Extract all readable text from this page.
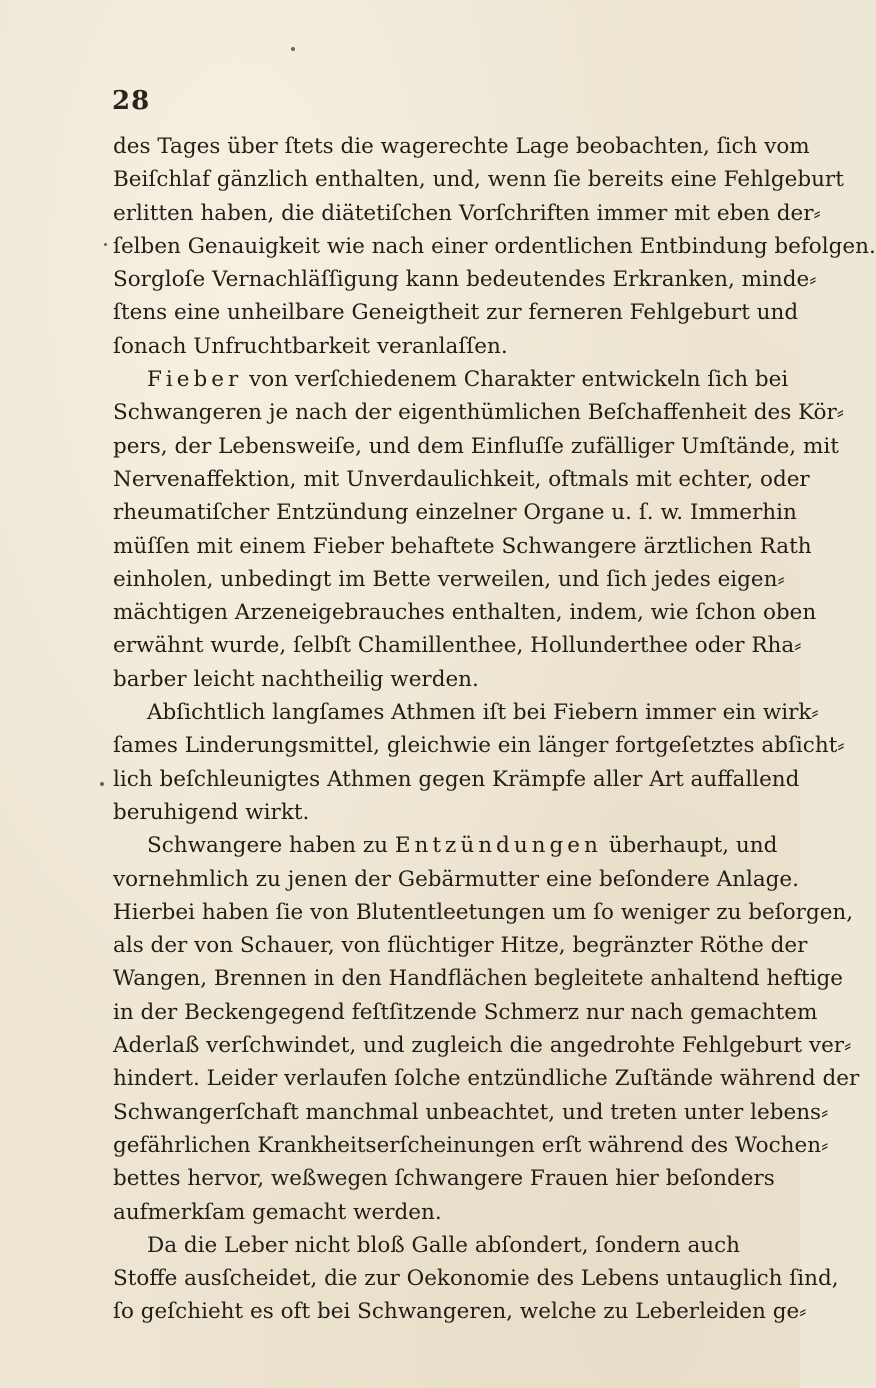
28
des Tages über ſtets die wagerechte Lage beobachten, ſich vom
Beiſchlaf gänzlich enthalten, und, wenn ſie bereits eine Fehlgeburt
erlitten haben, die diätetiſchen Vorſchriften immer mit eben der⸗
ſelben Genauigkeit wie nach einer ordentlichen Entbindung befolgen.
Sorgloſe Vernachläſſigung kann bedeutendes Erkranken, minde⸗
ſtens eine unheilbare Geneigtheit zur ferneren Fehlgeburt und
ſonach Unfruchtbarkeit veranlaſſen.
Fieber von verſchiedenem Charakter entwickeln ſich bei
Schwangeren je nach der eigenthümlichen Beſchaffenheit des Kör⸗
pers, der Lebensweiſe, und dem Einfluſſe zufälliger Umſtände, mit
Nervenaffektion, mit Unverdaulichkeit, oftmals mit echter, oder
rheumatiſcher Entzündung einzelner Organe u. ſ. w. Immerhin
müſſen mit einem Fieber behaftete Schwangere ärztlichen Rath
einholen, unbedingt im Bette verweilen, und ſich jedes eigen⸗
mächtigen Arzeneigebrauches enthalten, indem, wie ſchon oben
erwähnt wurde, ſelbſt Chamillenthee, Hollunderthee oder Rha⸗
barber leicht nachtheilig werden.
Abſichtlich langſames Athmen iſt bei Fiebern immer ein wirk⸗
ſames Linderungsmittel, gleichwie ein länger fortgeſetztes abſicht⸗
lich beſchleunigtes Athmen gegen Krämpfe aller Art auffallend
beruhigend wirkt.
Schwangere haben zu Entzündungen überhaupt, und
vornehmlich zu jenen der Gebärmutter eine beſondere Anlage.
Hierbei haben ſie von Blutentleetungen um ſo weniger zu beſorgen,
als der von Schauer, von flüchtiger Hitze, begränzter Röthe der
Wangen, Brennen in den Handflächen begleitete anhaltend heftige
in der Beckengegend feſtſitzende Schmerz nur nach gemachtem
Aderlaß verſchwindet, und zugleich die angedrohte Fehlgeburt ver⸗
hindert. Leider verlaufen ſolche entzündliche Zuſtände während der
Schwangerſchaft manchmal unbeachtet, und treten unter lebens⸗
gefährlichen Krankheitserſcheinungen erſt während des Wochen⸗
bettes hervor, weßwegen ſchwangere Frauen hier beſonders
aufmerkſam gemacht werden.
Da die Leber nicht bloß Galle abſondert, ſondern auch
Stoffe ausſcheidet, die zur Oekonomie des Lebens untauglich ſind,
ſo geſchieht es oft bei Schwangeren, welche zu Leberleiden ge⸗
